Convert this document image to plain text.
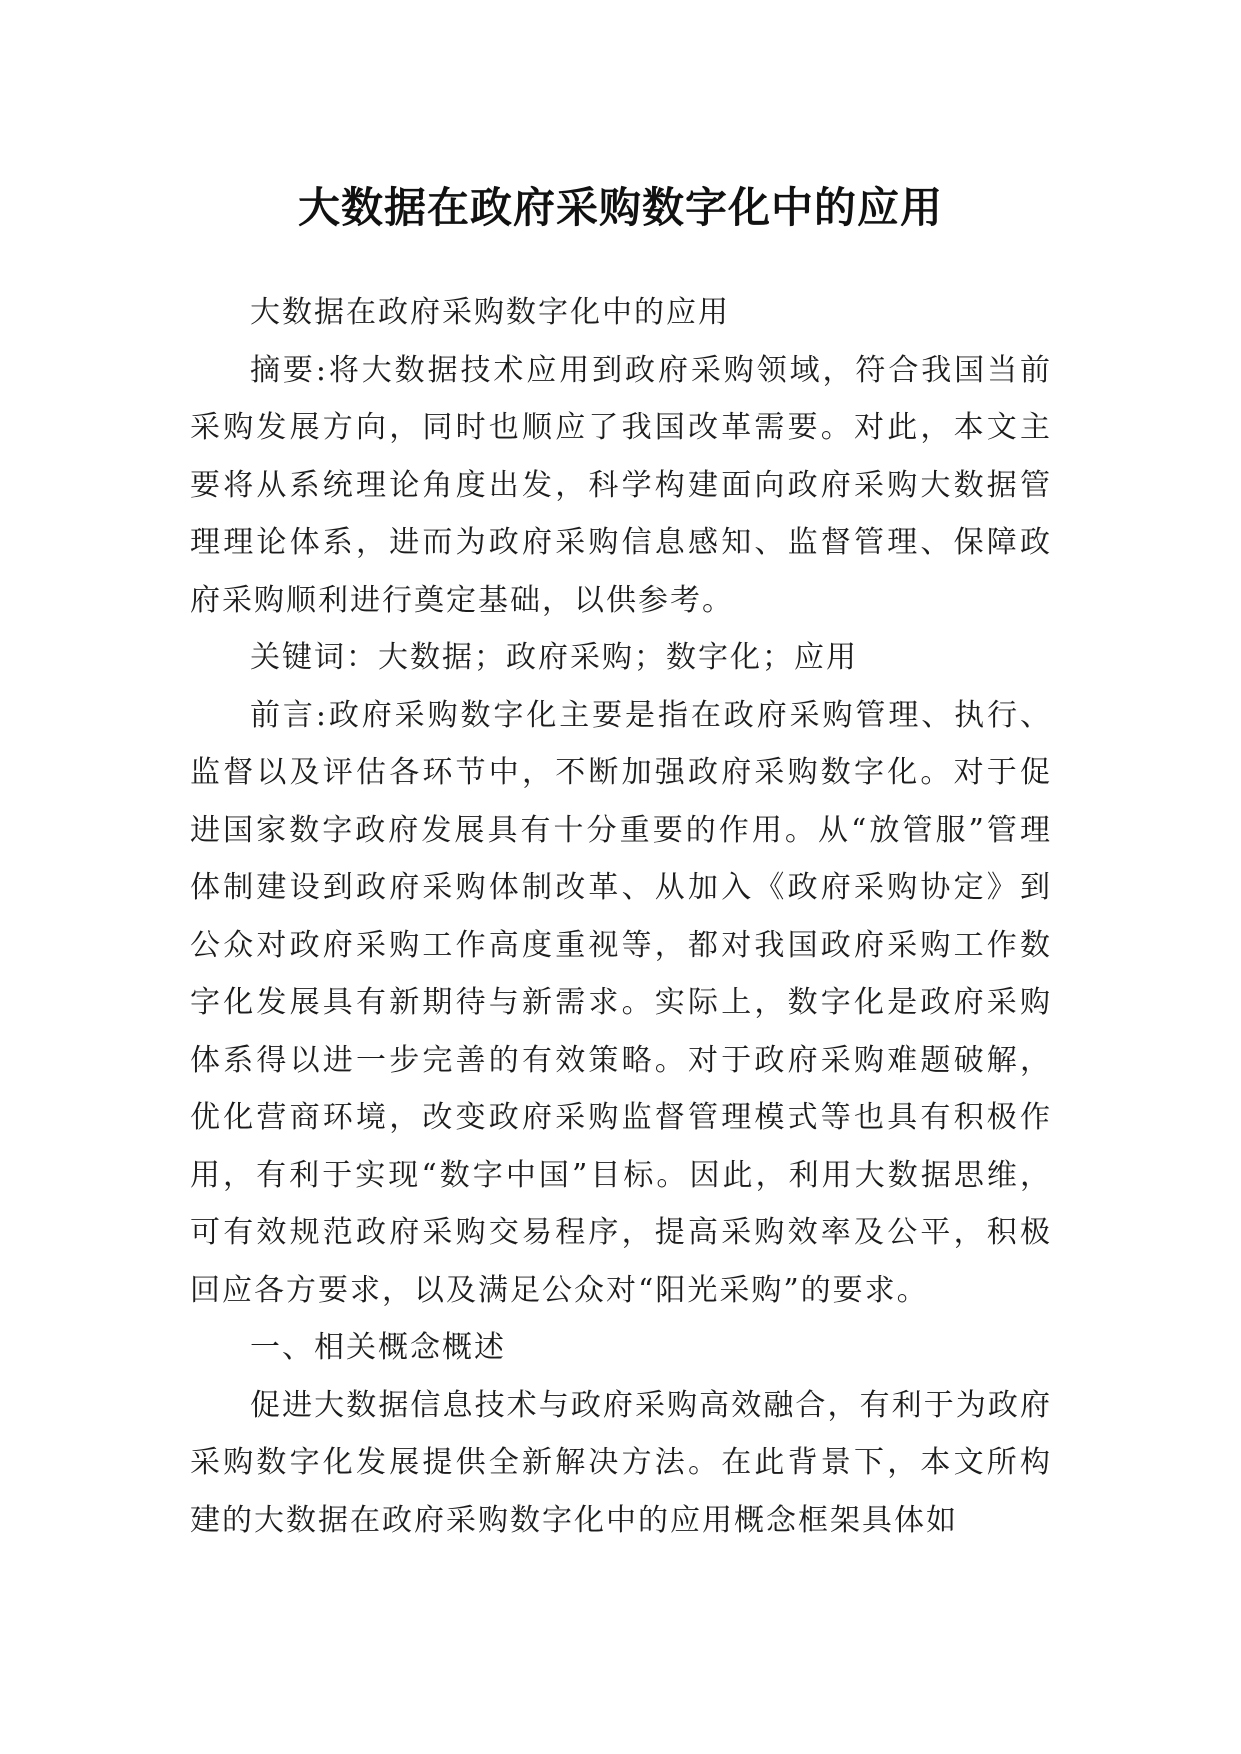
大数据在政府采购数字化中的应用

大数据在政府采购数字化中的应用

摘要:将大数据技术应用到政府采购领域，符合我国当前采购发展方向，同时也顺应了我国改革需要。对此，本文主要将从系统理论角度出发，科学构建面向政府采购大数据管理理论体系，进而为政府采购信息感知、监督管理、保障政府采购顺利进行奠定基础，以供参考。

关键词：大数据；政府采购；数字化；应用

前言:政府采购数字化主要是指在政府采购管理、执行、监督以及评估各环节中，不断加强政府采购数字化。对于促进国家数字政府发展具有十分重要的作用。从“放管服”管理体制建设到政府采购体制改革、从加入《政府采购协定》到公众对政府采购工作高度重视等，都对我国政府采购工作数字化发展具有新期待与新需求。实际上，数字化是政府采购体系得以进一步完善的有效策略。对于政府采购难题破解，优化营商环境，改变政府采购监督管理模式等也具有积极作用，有利于实现“数字中国”目标。因此，利用大数据思维，可有效规范政府采购交易程序，提高采购效率及公平，积极回应各方要求，以及满足公众对“阳光采购”的要求。

一、相关概念概述

促进大数据信息技术与政府采购高效融合，有利于为政府采购数字化发展提供全新解决方法。在此背景下，本文所构建的大数据在政府采购数字化中的应用概念框架具体如
